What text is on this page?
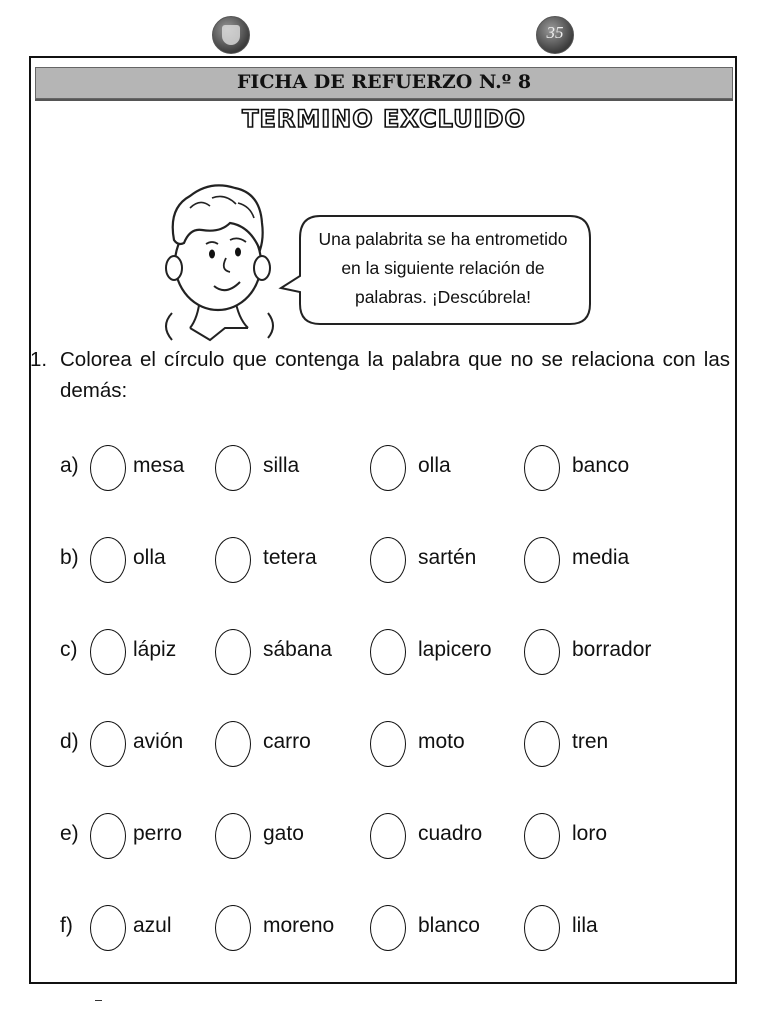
35
FICHA DE REFUERZO N.º 8
TERMINO EXCLUIDO
Una palabrita se ha entrometido
en la siguiente relación de
palabras. ¡Descúbrela!
1. Colorea el círculo que contenga la palabra que no se relaciona con las demás:
a)	mesa	silla	olla	banco
b)	olla	tetera	sartén	media
c)	lápiz	sábana	lapicero	borrador
d)	avión	carro	moto	tren
e)	perro	gato	cuadro	loro
f)	azul	moreno	blanco	lila
